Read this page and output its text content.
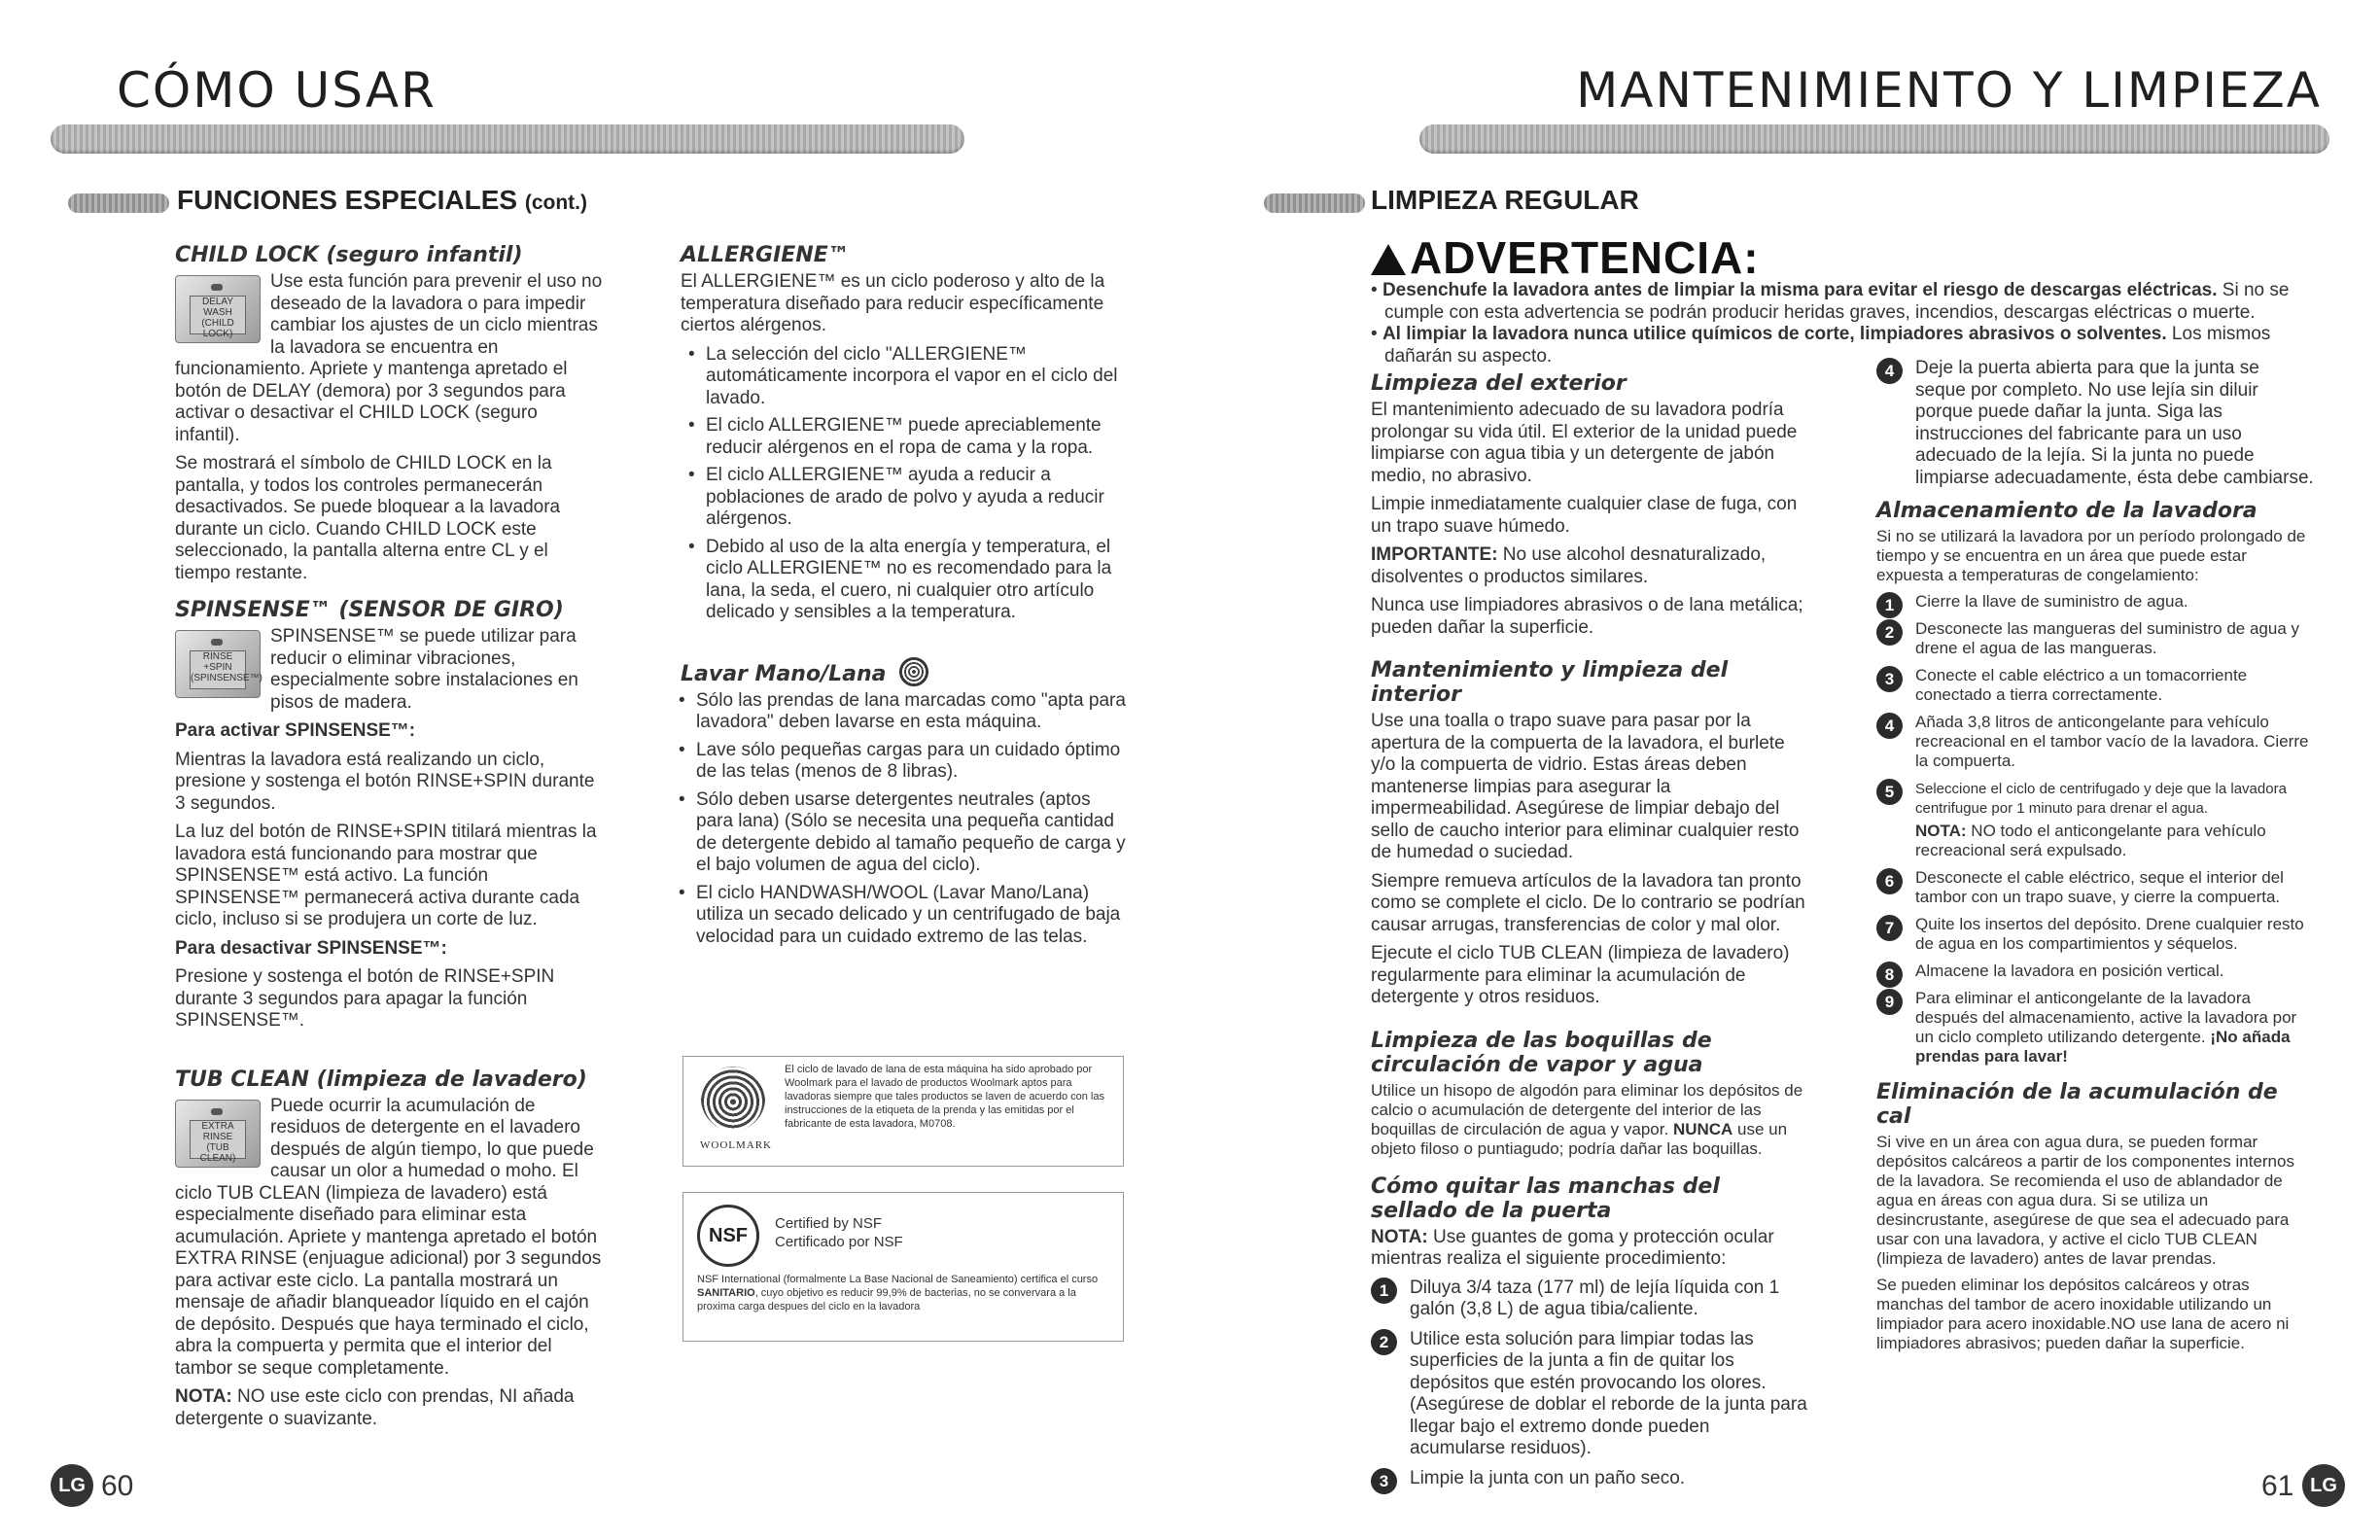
CÓMO USAR
FUNCIONES ESPECIALES (cont.)
CHILD LOCK (seguro infantil)

DELAY WASH (CHILD LOCK)
Use esta función para prevenir el uso no deseado de la lavadora o para impedir cambiar los ajustes de un ciclo mientras la lavadora se encuentra en funcionamiento. Apriete y mantenga apretado el botón de DELAY (demora) por 3 segundos para activar o desactivar el CHILD LOCK (seguro infantil).

Se mostrará el símbolo de CHILD LOCK en la pantalla, y todos los controles permanecerán desactivados. Se puede bloquear a la lavadora durante un ciclo. Cuando CHILD LOCK este seleccionado, la pantalla alterna entre CL y el tiempo restante.

SPINSENSE™ (SENSOR DE GIRO)

RINSE +SPIN (SPINSENSE™)
SPINSENSE™ se puede utilizar para reducir o eliminar vibraciones, especialmente sobre instalaciones en pisos de madera.

Para activar SPINSENSE™:

Mientras la lavadora está realizando un ciclo, presione y sostenga el botón RINSE+SPIN durante 3 segundos.

La luz del botón de RINSE+SPIN titilará mientras la lavadora está funcionando para mostrar que SPINSENSE™ está activo. La función SPINSENSE™ permanecerá activa durante cada ciclo, incluso si se produjera un corte de luz.

Para desactivar SPINSENSE™:

Presione y sostenga el botón de RINSE+SPIN durante 3 segundos para apagar la función SPINSENSE™.

TUB CLEAN (limpieza de lavadero)

EXTRA RINSE (TUB CLEAN)
Puede ocurrir la acumulación de residuos de detergente en el lavadero después de algún tiempo, lo que puede causar un olor a humedad o moho. El ciclo TUB CLEAN (limpieza de lavadero) está especialmente diseñado para eliminar esta acumulación. Apriete y mantenga apretado el botón EXTRA RINSE (enjuague adicional) por 3 segundos para activar este ciclo. La pantalla mostrará un mensaje de añadir blanqueador líquido en el cajón de depósito. Después que haya terminado el ciclo, abra la compuerta y permita que el interior del tambor se seque completamente.

NOTA: NO use este ciclo con prendas, NI añada detergente o suavizante.

ALLERGIENE™

El ALLERGIENE™ es un ciclo poderoso y alto de la temperatura diseñado para reducir específicamente ciertos alérgenos.

• La selección del ciclo "ALLERGIENE™ automáticamente incorpora el vapor en el ciclo del lavado.
• El ciclo ALLERGIENE™ puede apreciablemente reducir alérgenos en el ropa de cama y la ropa.
• El ciclo ALLERGIENE™ ayuda a reducir a poblaciones de arado de polvo y ayuda a reducir alérgenos.
• Debido al uso de la alta energía y temperatura, el ciclo ALLERGIENE™ no es recomendado para la lana, la seda, el cuero, ni cualquier otro artículo delicado y sensibles a la temperatura.
Lavar Mano/Lana
• Sólo las prendas de lana marcadas como "apta para lavadora" deben lavarse en esta máquina.
• Lave sólo pequeñas cargas para un cuidado óptimo de las telas (menos de 8 libras).
• Sólo deben usarse detergentes neutrales (aptos para lana) (Sólo se necesita una pequeña cantidad de detergente debido al tamaño pequeño de carga y el bajo volumen de agua del ciclo).
• El ciclo HANDWASH/WOOL (Lavar Mano/Lana) utiliza un secado delicado y un centrifugado de baja velocidad para un cuidado extremo de las telas.
WOOLMARK
El ciclo de lavado de lana de esta máquina ha sido aprobado por Woolmark para el lavado de productos Woolmark aptos para lavadoras siempre que tales productos se laven de acuerdo con las instrucciones de la etiqueta de la prenda y las emitidas por el fabricante de esta lavadora, M0708.
NSF
Certified by NSF
Certificado por NSF
NSF International (formalmente La Base Nacional de Saneamiento) certifica el curso SANITARIO, cuyo objetivo es reducir 99,9% de bacterias, no se convervara a la proxima carga despues del ciclo en la lavadora
LG 60
MANTENIMIENTO Y LIMPIEZA
LIMPIEZA REGULAR
ADVERTENCIA:
• Desenchufe la lavadora antes de limpiar la misma para evitar el riesgo de descargas eléctricas. Si no se cumple con esta advertencia se podrán producir heridas graves, incendios, descargas eléctricas o muerte.
• Al limpiar la lavadora nunca utilice químicos de corte, limpiadores abrasivos o solventes. Los mismos dañarán su aspecto.
Limpieza del exterior

El mantenimiento adecuado de su lavadora podría prolongar su vida útil. El exterior de la unidad puede limpiarse con agua tibia y un detergente de jabón medio, no abrasivo.

Limpie inmediatamente cualquier clase de fuga, con un trapo suave húmedo.

IMPORTANTE: No use alcohol desnaturalizado, disolventes o productos similares.

Nunca use limpiadores abrasivos o de lana metálica; pueden dañar la superficie.

Mantenimiento y limpieza del interior

Use una toalla o trapo suave para pasar por la apertura de la compuerta de la lavadora, el burlete y/o la compuerta de vidrio. Estas áreas deben mantenerse limpias para asegurar la impermeabilidad. Asegúrese de limpiar debajo del sello de caucho interior para eliminar cualquier resto de humedad o suciedad.

Siempre remueva artículos de la lavadora tan pronto como se complete el ciclo. De lo contrario se podrían causar arrugas, transferencias de color y mal olor.

Ejecute el ciclo TUB CLEAN (limpieza de lavadero) regularmente para eliminar la acumulación de detergente y otros residuos.

Limpieza de las boquillas de circulación de vapor y agua

Utilice un hisopo de algodón para eliminar los depósitos de calcio o acumulación de detergente del interior de las boquillas de circulación de agua y vapor. NUNCA use un objeto filoso o puntiagudo; podría dañar las boquillas.

Cómo quitar las manchas del sellado de la puerta

NOTA: Use guantes de goma y protección ocular mientras realiza el siguiente procedimiento:

1	Diluya 3/4 taza (177 ml) de lejía líquida con 1 galón (3,8 L) de agua tibia/caliente.
2	Utilice esta solución para limpiar todas las superficies de la junta a fin de quitar los depósitos que estén provocando los olores. (Asegúrese de doblar el reborde de la junta para llegar bajo el extremo donde pueden acumularse residuos).
3	Limpie la junta con un paño seco.
4	Deje la puerta abierta para que la junta se seque por completo. No use lejía sin diluir porque puede dañar la junta. Siga las instrucciones del fabricante para un uso adecuado de la lejía. Si la junta no puede limpiarse adecuadamente, ésta debe cambiarse.
Almacenamiento de la lavadora

Si no se utilizará la lavadora por un período prolongado de tiempo y se encuentra en un área que puede estar expuesta a temperaturas de congelamiento:

1	Cierre la llave de suministro de agua.
2	Desconecte las mangueras del suministro de agua y drene el agua de las mangueras.
3	Conecte el cable eléctrico a un tomacorriente conectado a tierra correctamente.
4	Añada 3,8 litros de anticongelante para vehículo recreacional en el tambor vacío de la lavadora. Cierre la compuerta.
5	Seleccione el ciclo de centrifugado y deje que la lavadora centrifugue por 1 minuto para drenar el agua.
NOTA: NO todo el anticongelante para vehículo recreacional será expulsado.
6	Desconecte el cable eléctrico, seque el interior del tambor con un trapo suave, y cierre la compuerta.
7	Quite los insertos del depósito. Drene cualquier resto de agua en los compartimientos y séquelos.
8	Almacene la lavadora en posición vertical.
9	Para eliminar el anticongelante de la lavadora después del almacenamiento, active la lavadora por un ciclo completo utilizando detergente. ¡No añada prendas para lavar!
Eliminación de la acumulación de cal

Si vive en un área con agua dura, se pueden formar depósitos calcáreos a partir de los componentes internos de la lavadora. Se recomienda el uso de ablandador de agua en áreas con agua dura. Si se utiliza un desincrustante, asegúrese de que sea el adecuado para usar con una lavadora, y active el ciclo TUB CLEAN (limpieza de lavadero) antes de lavar prendas.

Se pueden eliminar los depósitos calcáreos y otras manchas del tambor de acero inoxidable utilizando un limpiador para acero inoxidable.NO use lana de acero ni limpiadores abrasivos; pueden dañar la superficie.

61 LG
